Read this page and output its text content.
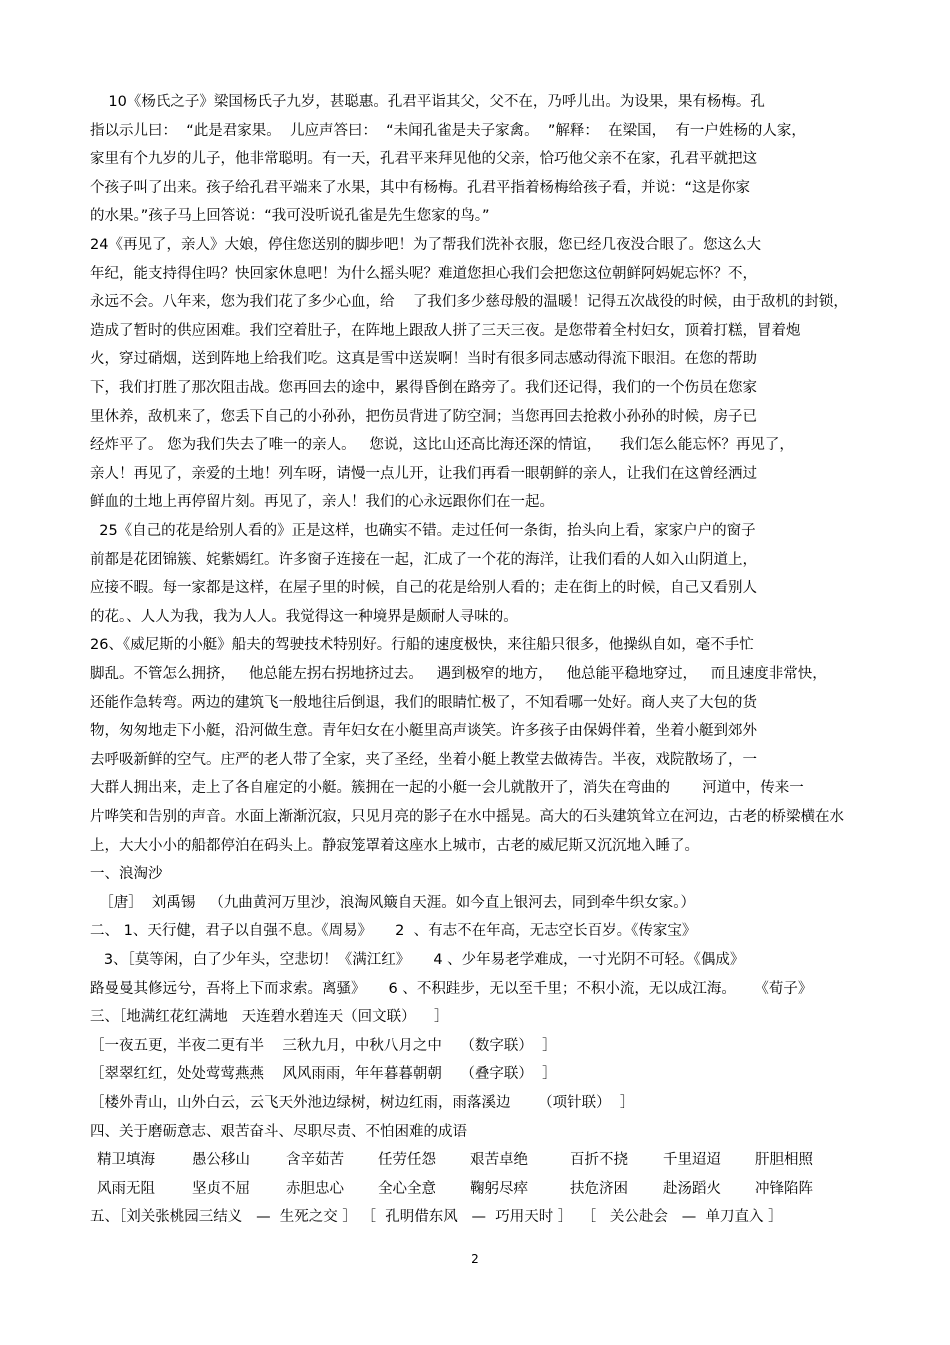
10《杨氏之子》梁国杨氏子九岁，甚聪惠。孔君平诣其父，父不在，乃呼儿出。为设果，果有杨梅。孔
指以示儿曰：  “此是君家果。  儿应声答曰：  “未闻孔雀是夫子家禽。  ”解释：  在梁国，  有一户姓杨的人家，
家里有个九岁的儿子，他非常聪明。有一天，孔君平来拜见他的父亲，恰巧他父亲不在家，孔君平就把这
个孩子叫了出来。孩子给孔君平端来了水果，其中有杨梅。孔君平指着杨梅给孩子看，并说：“这是你家
的水果。”孩子马上回答说：“我可没听说孔雀是先生您家的鸟。”
24《再见了，亲人》大娘，停住您送别的脚步吧！为了帮我们洗补衣服，您已经几夜没合眼了。您这么大
年纪，能支持得住吗？快回家休息吧！为什么摇头呢？难道您担心我们会把您这位朝鲜阿妈妮忘怀？不，
永远不会。八年来，您为我们花了多少心血，给    了我们多少慈母般的温暖！记得五次战役的时候，由于敌机的封锁，
造成了暂时的供应困难。我们空着肚子，在阵地上跟敌人拼了三天三夜。是您带着全村妇女，顶着打糕，冒着炮
火，穿过硝烟，送到阵地上给我们吃。这真是雪中送炭啊！当时有很多同志感动得流下眼泪。在您的帮助
下，我们打胜了那次阻击战。您再回去的途中，累得昏倒在路旁了。我们还记得，我们的一个伤员在您家
里休养，敌机来了，您丢下自己的小孙孙，把伤员背进了防空洞；当您再回去抢救小孙孙的时候，房子已
经炸平了。 您为我们失去了唯一的亲人。   您说，这比山还高比海还深的情谊，    我们怎么能忘怀？再见了，
亲人！再见了，亲爱的土地！列车呀，请慢一点儿开，让我们再看一眼朝鲜的亲人，让我们在这曾经洒过
鲜血的土地上再停留片刻。再见了，亲人！我们的心永远跟你们在一起。
25《自己的花是给别人看的》正是这样，也确实不错。走过任何一条街，抬头向上看，家家户户的窗子
前都是花团锦簇、姹紫嫣红。许多窗子连接在一起，汇成了一个花的海洋，让我们看的人如入山阴道上，
应接不暇。每一家都是这样，在屋子里的时候，自己的花是给别人看的；走在街上的时候，自己又看别人
的花。、人人为我，我为人人。我觉得这一种境界是颇耐人寻味的。
26、《威尼斯的小艇》船夫的驾驶技术特别好。行船的速度极快，来往船只很多，他操纵自如，毫不手忙
脚乱。不管怎么拥挤，   他总能左拐右拐地挤过去。   遇到极窄的地方，   他总能平稳地穿过，   而且速度非常快，
还能作急转弯。两边的建筑飞一般地往后倒退，我们的眼睛忙极了，不知看哪一处好。商人夹了大包的货
物，匆匆地走下小艇，沿河做生意。青年妇女在小艇里高声谈笑。许多孩子由保姆伴着，坐着小艇到郊外
去呼吸新鲜的空气。庄严的老人带了全家，夹了圣经，坐着小艇上教堂去做祷告。半夜，戏院散场了，一
大群人拥出来，走上了各自雇定的小艇。簇拥在一起的小艇一会儿就散开了，消失在弯曲的       河道中，传来一
片哗笑和告别的声音。水面上渐渐沉寂，只见月亮的影子在水中摇晃。高大的石头建筑耸立在河边，古老的桥梁横在水
上，大大小小的船都停泊在码头上。静寂笼罩着这座水上城市，古老的威尼斯又沉沉地入睡了。
一、浪淘沙
［唐］  刘禹锡   （九曲黄河万里沙，浪淘风簸自天涯。如今直上银河去，同到牵牛织女家。）
二、 1、天行健，君子以自强不息。《周易》     2  、有志不在年高，无志空长百岁。《传家宝》
3、［莫等闲，白了少年头，空悲切！《满江红》     4 、少年易老学难成，一寸光阴不可轻。《偶成》
路曼曼其修远兮，吾将上下而求索。离骚》     6 、不积跬步，无以至千里；不积小流，无以成江海。    《荀子》
三、［地满红花红满地   天连碧水碧连天（回文联）    ］
［一夜五更，半夜二更有半    三秋九月，中秋八月之中    （数字联）  ］
［翠翠红红，处处莺莺燕燕    风风雨雨，年年暮暮朝朝    （叠字联）  ］
［楼外青山，山外白云，云飞天外池边绿树，树边红雨，雨落溪边      （项针联）  ］
四、关于磨砺意志、艰苦奋斗、尽职尽责、不怕困难的成语
精卫填海	愚公移山	含辛茹苦	任劳任怨	艰苦卓绝	百折不挠	千里迢迢	肝胆相照
风雨无阻	坚贞不屈	赤胆忠心	全心全意	鞠躬尽瘁	扶危济困	赴汤蹈火	冲锋陷阵
五、［刘关张桃园三结义   —  生死之交 ］ ［  孔明借东风   —  巧用天时 ］  ［   关公赴会   —  单刀直入 ］
2
